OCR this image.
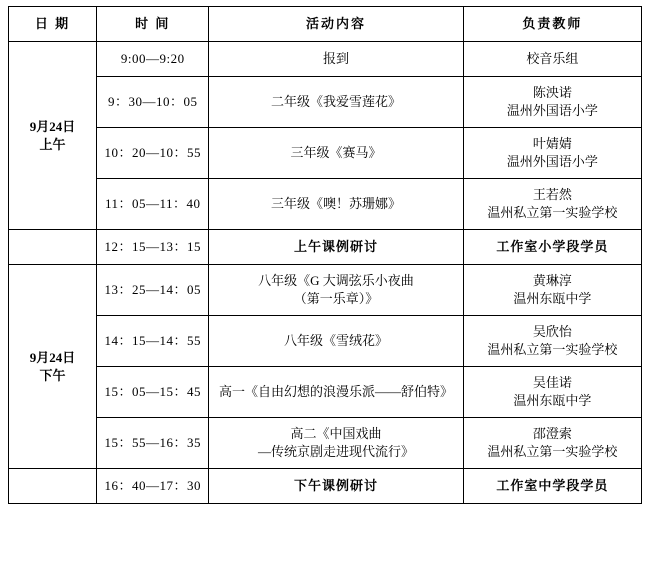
日 期	时 间	活动内容	负责教师

9月24日
上午	9:00—9:20	报到	校音乐组
	9：30—10：05	二年级《我爱雪莲花》	陈泱诺
温州外国语小学

	10：20—10：55	三年级《赛马》	叶婧婧
温州外国语小学

	11：05—11：40	三年级《噢！苏珊娜》	王若然
温州私立第一实验学校

	12：15—13：15	上午课例研讨	工作室小学段学员

9月24日
下午	13：25—14：05	八年级《G 大调弦乐小夜曲
（第一乐章）》	黄琳淳
温州东瓯中学

	14：15—14：55	八年级《雪绒花》	吴欣怡
温州私立第一实验学校

	15：05—15：45	高一《自由幻想的浪漫乐派——舒伯特》	吴佳诺
温州东瓯中学

	15：55—16：35	高二《中国戏曲
—传统京剧走进现代流行》	邵澄索
温州私立第一实验学校

	16：40—17：30	下午课例研讨	工作室中学段学员
